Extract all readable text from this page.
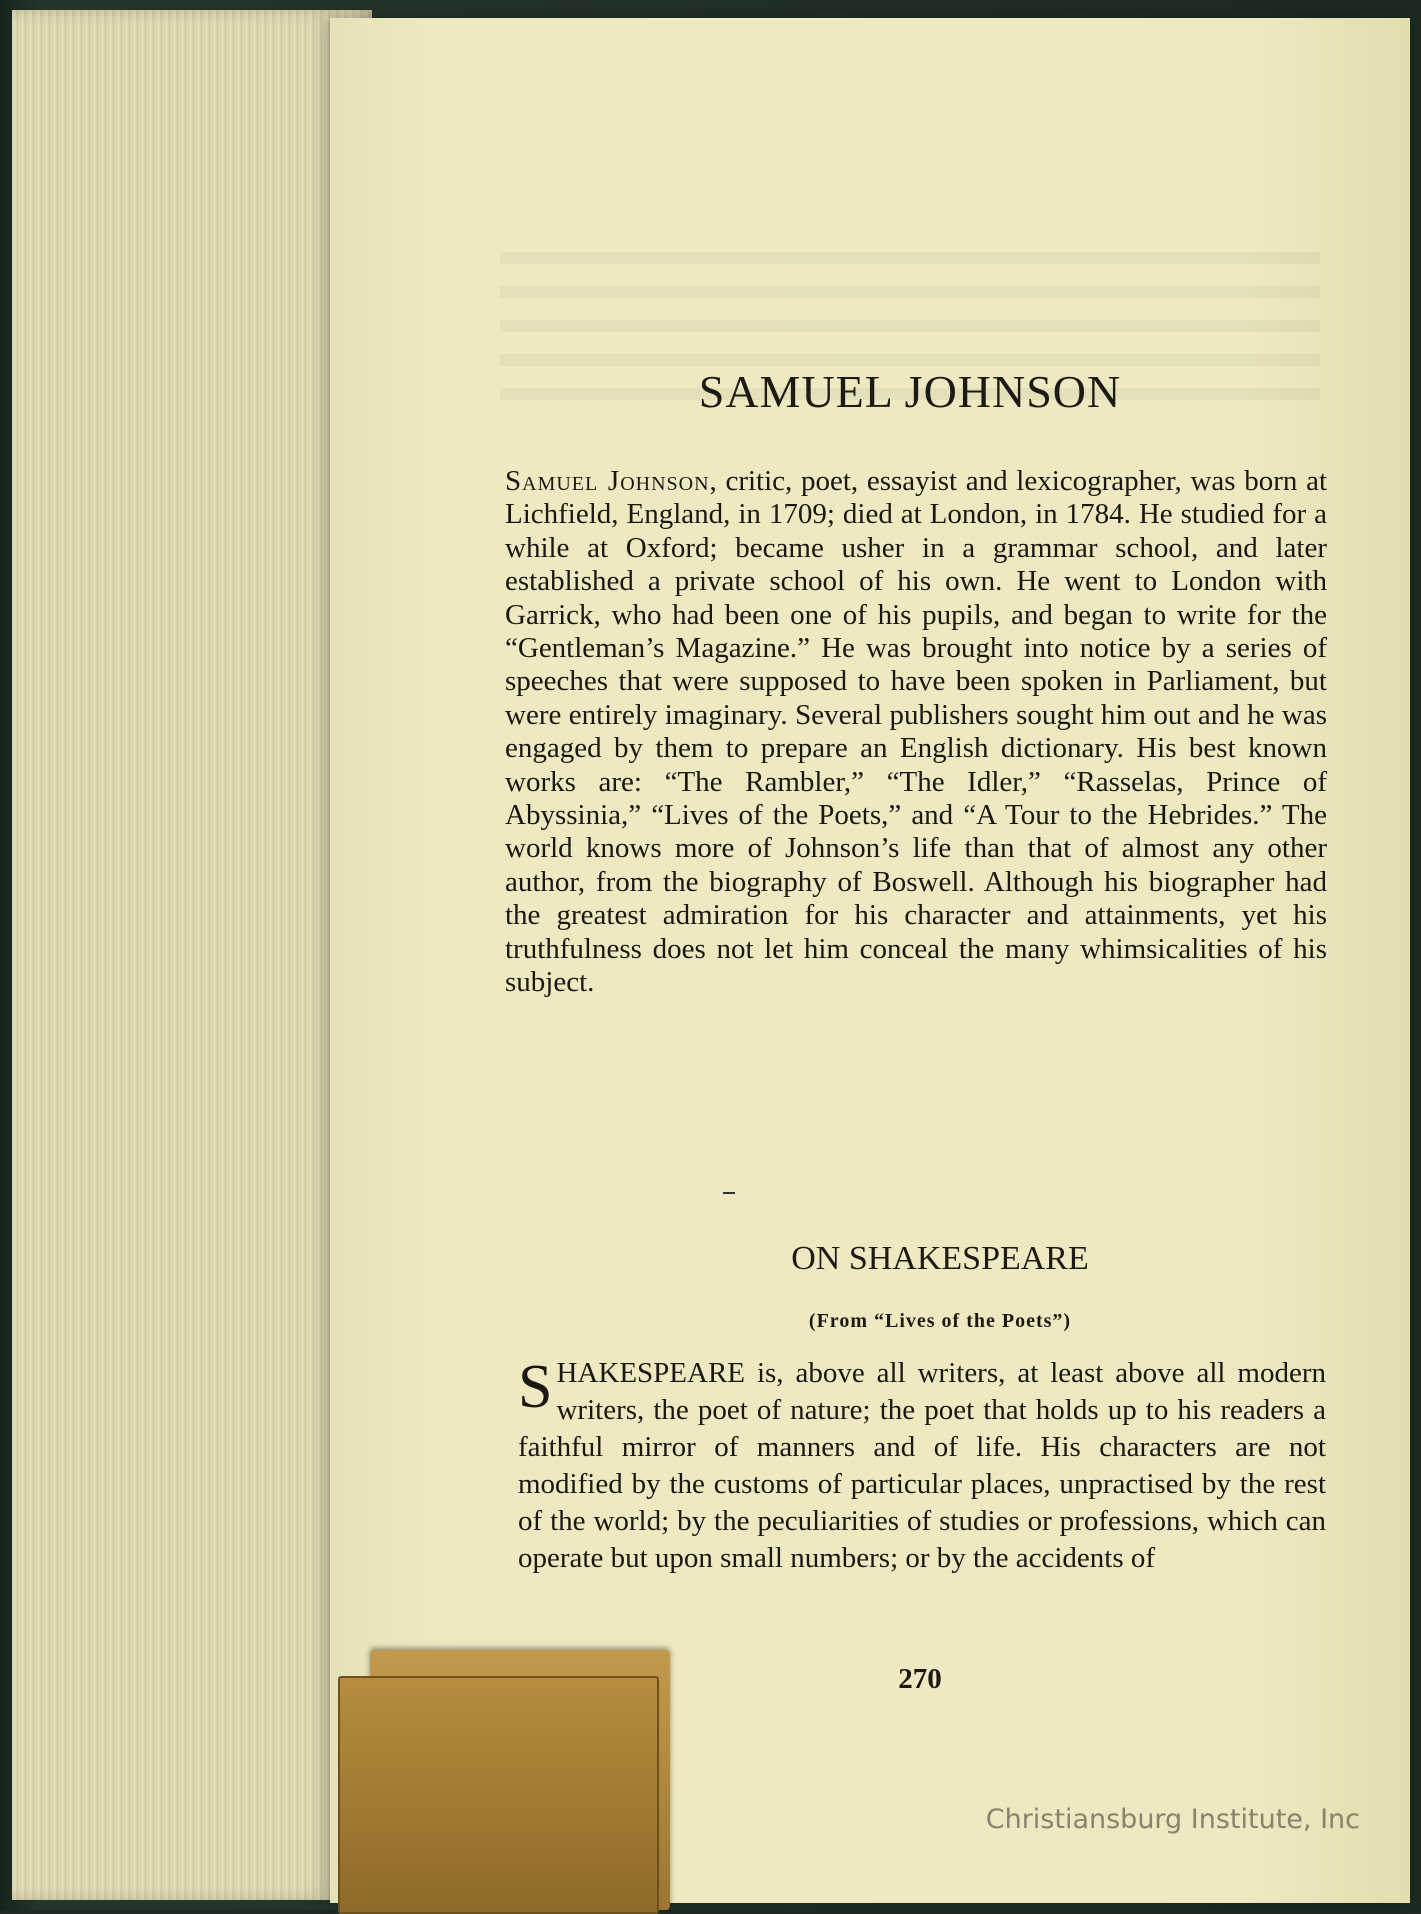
SAMUEL JOHNSON

Samuel Johnson, critic, poet, essayist and lexicographer, was born at Lichfield, England, in 1709; died at London, in 1784. He studied for a while at Oxford; became usher in a grammar school, and later established a private school of his own. He went to London with Garrick, who had been one of his pupils, and began to write for the “Gentleman’s Magazine.” He was brought into notice by a series of speeches that were supposed to have been spoken in Parliament, but were entirely imaginary. Several publishers sought him out and he was engaged by them to prepare an English dictionary. His best known works are: “The Rambler,” “The Idler,” “Rasselas, Prince of Abyssinia,” “Lives of the Poets,” and “A Tour to the Hebrides.” The world knows more of Johnson’s life than that of almost any other author, from the biography of Boswell. Although his biographer had the greatest admiration for his character and attainments, yet his truthfulness does not let him conceal the many whimsicalities of his subject.

ON SHAKESPEARE
(From “Lives of the Poets”)

SHAKESPEARE is, above all writers, at least above all modern writers, the poet of nature; the poet that holds up to his readers a faithful mirror of manners and of life. His characters are not modified by the customs of particular places, unpractised by the rest of the world; by the peculiarities of studies or professions, which can operate but upon small numbers; or by the accidents of

270
Christiansburg Institute, Inc
